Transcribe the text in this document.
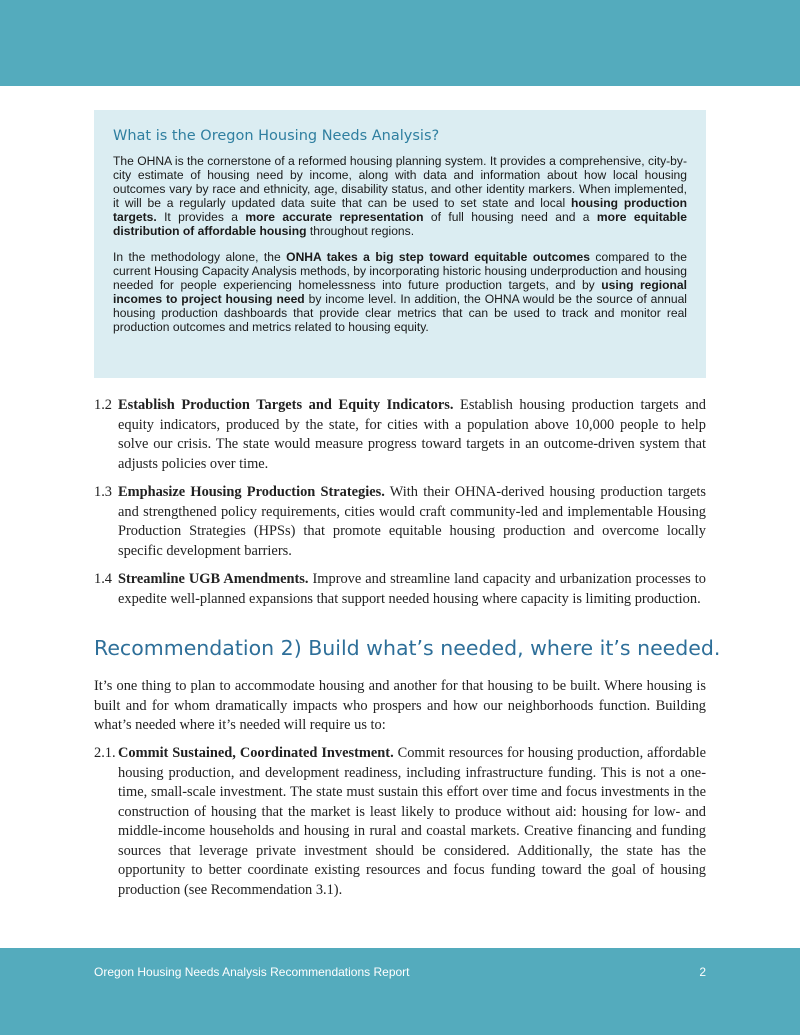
What is the Oregon Housing Needs Analysis?

The OHNA is the cornerstone of a reformed housing planning system. It provides a comprehensive, city-by-city estimate of housing need by income, along with data and information about how local housing outcomes vary by race and ethnicity, age, disability status, and other identity markers. When implemented, it will be a regularly updated data suite that can be used to set state and local housing production targets. It provides a more accurate representation of full housing need and a more equitable distribution of affordable housing throughout regions.

In the methodology alone, the ONHA takes a big step toward equitable outcomes compared to the current Housing Capacity Analysis methods, by incorporating historic housing underproduction and housing needed for people experiencing homelessness into future production targets, and by using regional incomes to project housing need by income level. In addition, the OHNA would be the source of annual housing production dashboards that provide clear metrics that can be used to track and monitor real production outcomes and metrics related to housing equity.

1.2 Establish Production Targets and Equity Indicators. Establish housing production targets and equity indicators, produced by the state, for cities with a population above 10,000 people to help solve our crisis. The state would measure progress toward targets in an outcome-driven system that adjusts policies over time.
1.3 Emphasize Housing Production Strategies. With their OHNA-derived housing production targets and strengthened policy requirements, cities would craft community-led and implementable Housing Production Strategies (HPSs) that promote equitable housing production and overcome locally specific development barriers.
1.4 Streamline UGB Amendments. Improve and streamline land capacity and urbanization processes to expedite well-planned expansions that support needed housing where capacity is limiting production.
Recommendation 2) Build what’s needed, where it’s needed.

It’s one thing to plan to accommodate housing and another for that housing to be built. Where housing is built and for whom dramatically impacts who prospers and how our neighborhoods function. Building what’s needed where it’s needed will require us to:

2.1. Commit Sustained, Coordinated Investment. Commit resources for housing production, affordable housing production, and development readiness, including infrastructure funding. This is not a one-time, small-scale investment. The state must sustain this effort over time and focus investments in the construction of housing that the market is least likely to produce without aid: housing for low- and middle-income households and housing in rural and coastal markets. Creative financing and funding sources that leverage private investment should be considered. Additionally, the state has the opportunity to better coordinate existing resources and focus funding toward the goal of housing production (see Recommendation 3.1).
Oregon Housing Needs Analysis Recommendations Report	2
